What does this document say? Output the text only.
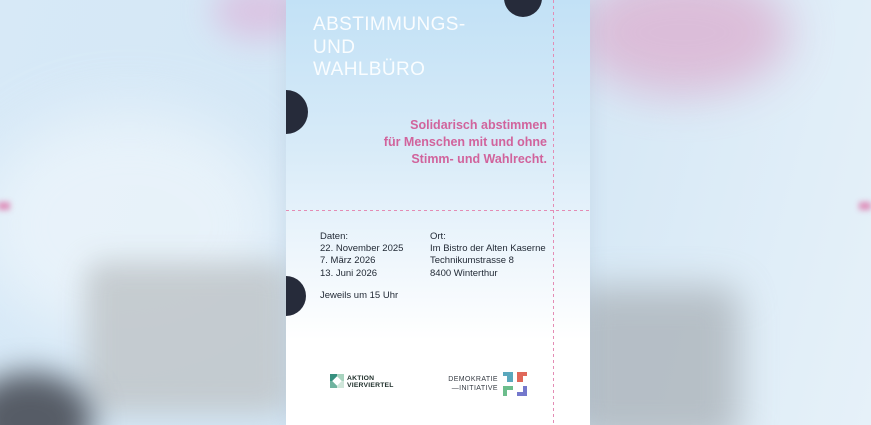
ABSTIMMUNGS-
UND
WAHLBÜRO
Solidarisch abstimmen
für Menschen mit und ohne
Stimm- und Wahlrecht.
Daten:
22. November 2025
7. März 2026
13. Juni 2026
Jeweils um 15 Uhr
Ort:
Im Bistro der Alten Kaserne
Technikumstrasse 8
8400 Winterthur
AKTION
VIERVIERTEL
DEMOKRATIE
—INITIATIVE
